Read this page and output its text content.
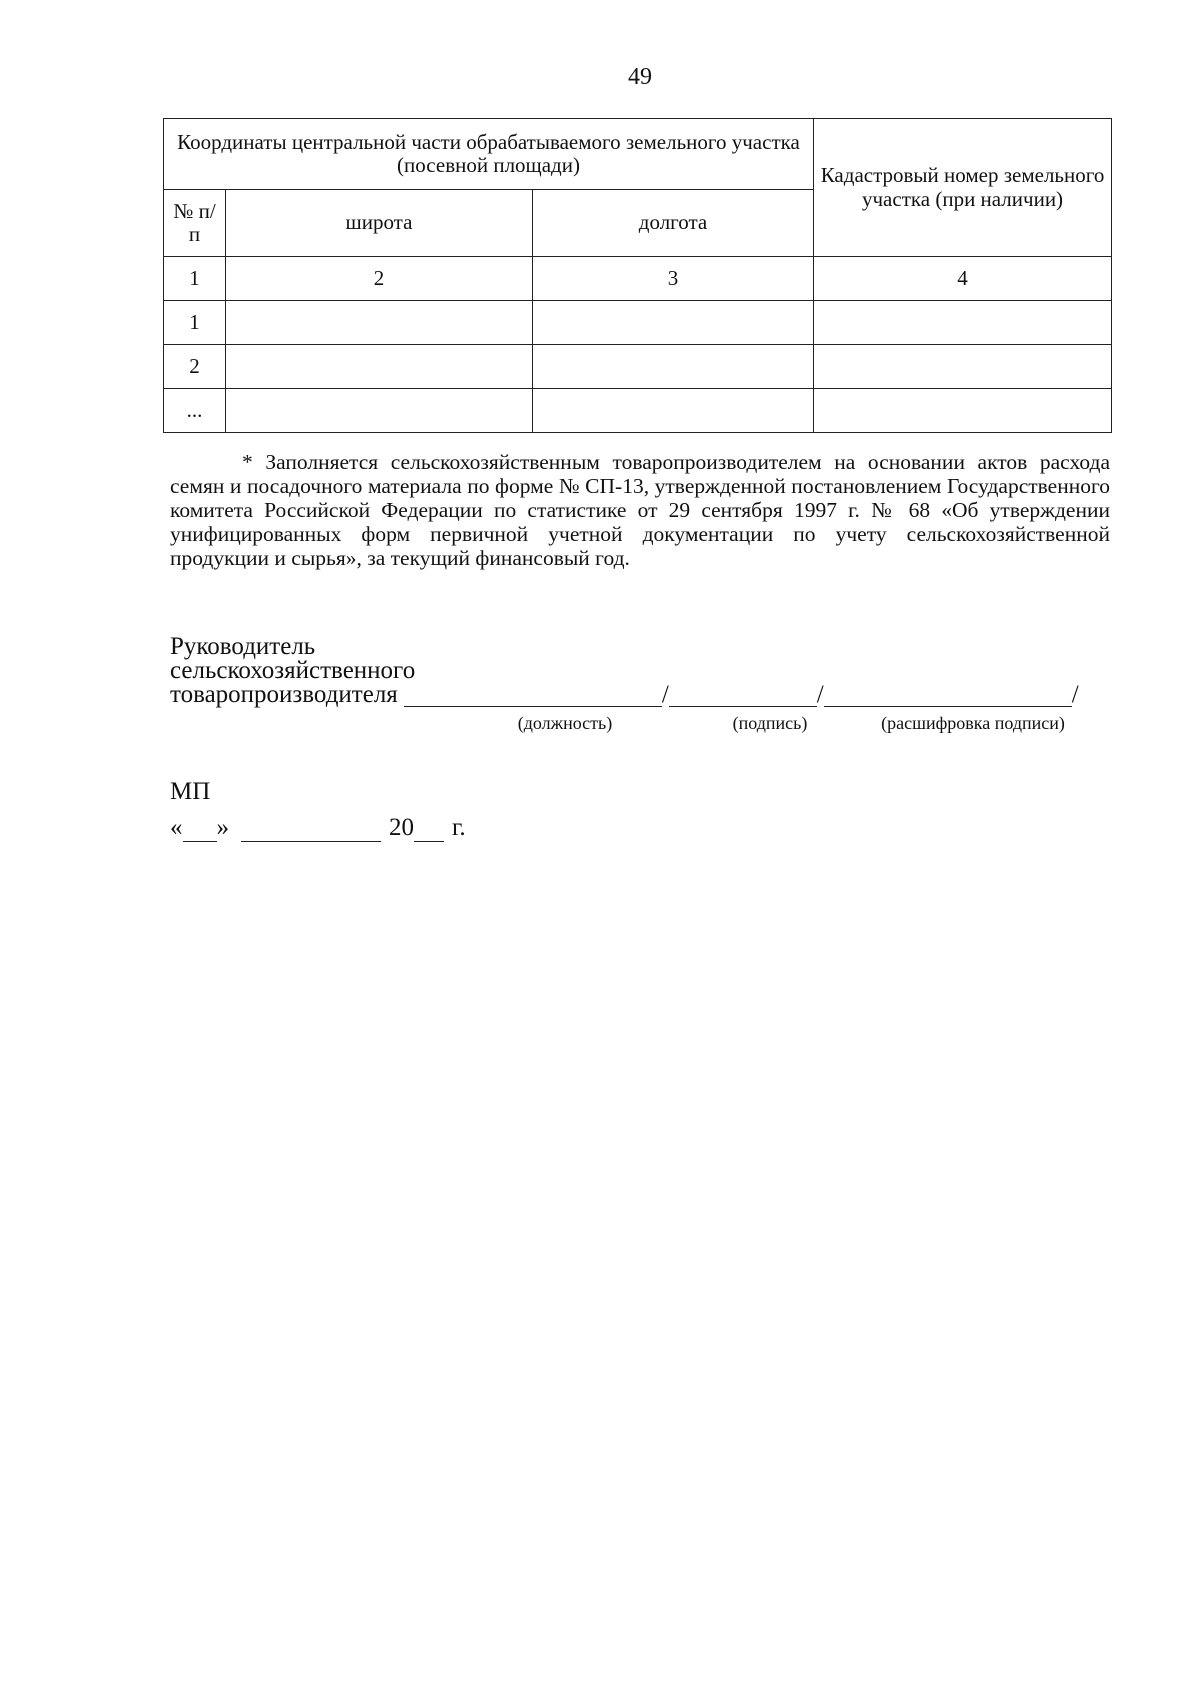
49
Координаты центральной части обрабатываемого земельного участка (посевной площади)			Кадастровый номер земельного участка (при наличии)
№ п/п	широта	долгота	
1	2	3	4
1			
2			
...			
* Заполняется сельскохозяйственным товаропроизводителем на основании актов расхода семян и посадочного материала по форме № СП-13, утвержденной постановлением Государственного комитета Российской Федерации по статистике от 29 сентября 1997 г. № 68 «Об утверждении унифицированных форм первичной учетной документации по учету сельскохозяйственной продукции и сырья», за текущий финансовый год.
Руководитель
сельскохозяйственного
товаропроизводителя	/	/	/
(должность)	(подпись)	(расшифровка подписи)
МП
« »	20 г.
